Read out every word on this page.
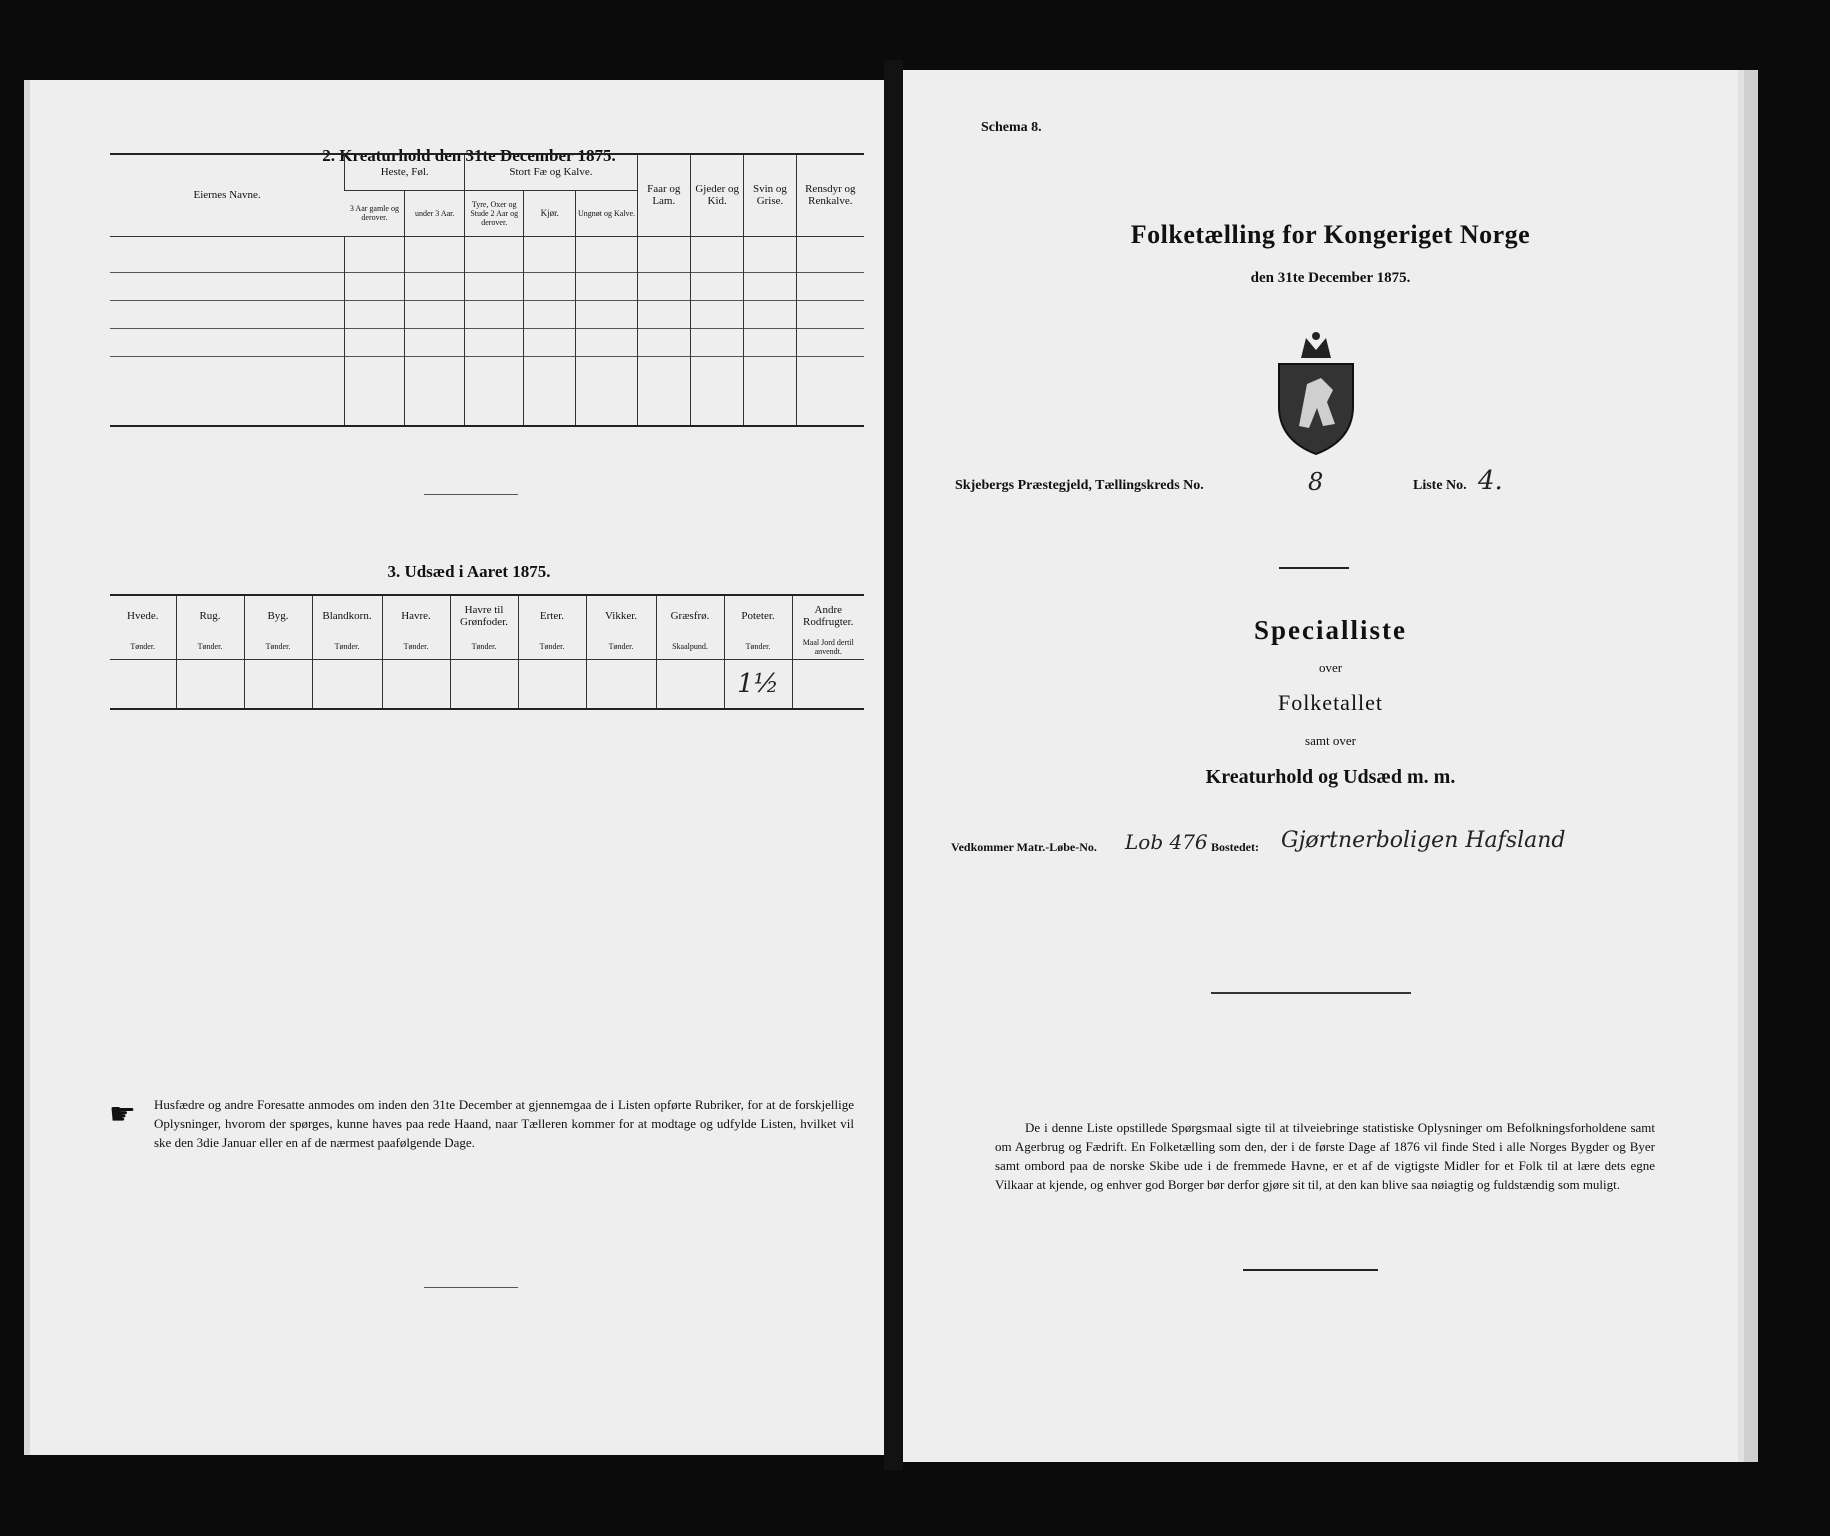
2. Kreaturhold den 31te December 1875.
Eiernes Navne.	Heste, Føl.		Stort Fæ og Kalve.			Faar og Lam.	Gjeder og Kid.	Svin og Grise.	Rensdyr og Renkalve.
	3 Aar gamle og derover.	under 3 Aar.	Tyre, Oxer og Stude 2 Aar og derover.	Kjør.	Ungnøt og Kalve.				

3. Udsæd i Aaret 1875.
Hvede.	Rug.	Byg.	Blandkorn.	Havre.	Havre til Grønfoder.	Erter.	Vikker.	Græsfrø.	Poteter.	Andre Rodfrugter.
Tønder.	Tønder.	Tønder.	Tønder.	Tønder.	Tønder.	Tønder.	Tønder.	Skaalpund.	Tønder.	Maal Jord dertil anvendt.
									1½	
☛ Husfædre og andre Foresatte anmodes om inden den 31te December at gjennemgaa de i Listen opførte Rubriker, for at de forskjellige Oplysninger, hvorom der spørges, kunne haves paa rede Haand, naar Tælleren kommer for at modtage og udfylde Listen, hvilket vil ske den 3die Januar eller en af de nærmest paafølgende Dage.

Schema 8.
Folketælling for Kongeriget Norge
den 31te December 1875.
Skjebergs Præstegjeld, Tællingskreds No.	8	Liste No. 4.
Specialliste
over
Folketallet
samt over
Kreaturhold og Udsæd m. m.
Vedkommer Matr.-Løbe-No. Lob 476 Bostedet: Gjørtnerboligen Hafsland
De i denne Liste opstillede Spørgsmaal sigte til at tilveiebringe statistiske Oplysninger om Befolkningsforholdene samt om Agerbrug og Fædrift. En Folketælling som den, der i de første Dage af 1876 vil finde Sted i alle Norges Bygder og Byer samt ombord paa de norske Skibe ude i de fremmede Havne, er et af de vigtigste Midler for et Folk til at lære dets egne Vilkaar at kjende, og enhver god Borger bør derfor gjøre sit til, at den kan blive saa nøiagtig og fuldstændig som muligt.
